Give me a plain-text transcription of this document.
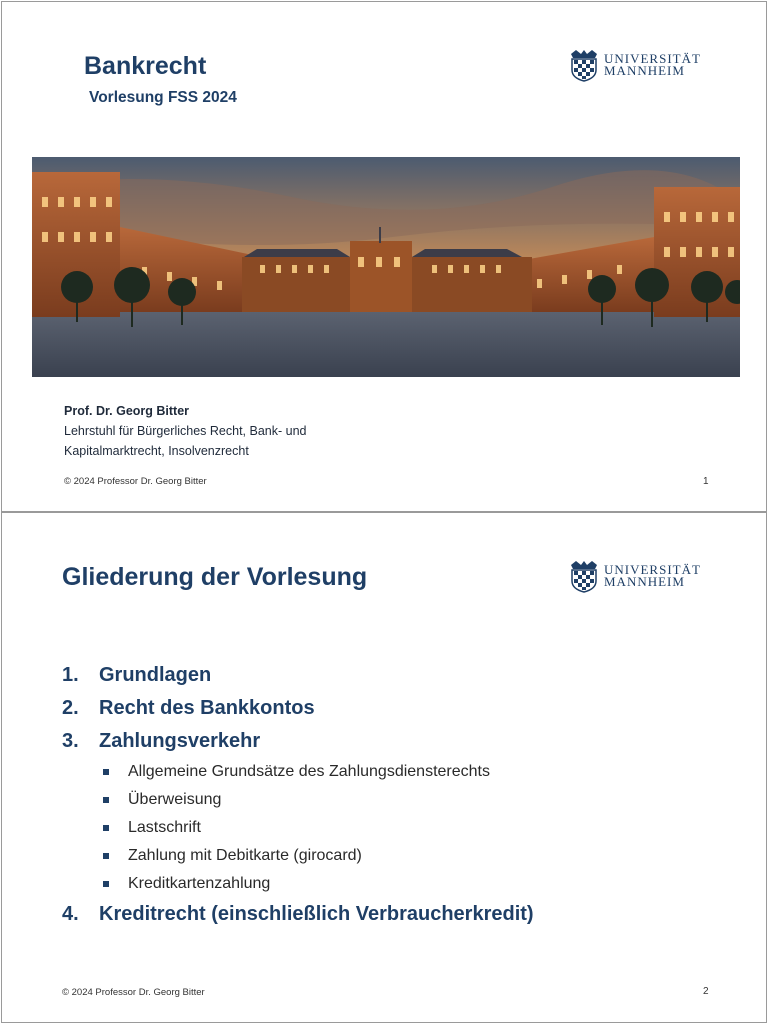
Bankrecht
Vorlesung FSS 2024
UNIVERSITÄT
MANNHEIM
Prof. Dr. Georg Bitter
Lehrstuhl für Bürgerliches Recht, Bank- und
Kapitalmarktrecht, Insolvenzrecht
© 2024 Professor Dr. Georg Bitter	1
Gliederung der Vorlesung	UNIVERSITÄT
MANNHEIM
1.	Grundlagen
2.	Recht des Bankkontos
3.	Zahlungsverkehr
Allgemeine Grundsätze des Zahlungsdiensterechts
Überweisung
Lastschrift
Zahlung mit Debitkarte (girocard)
Kreditkartenzahlung
4.	Kreditrecht (einschließlich Verbraucherkredit)
© 2024 Professor Dr. Georg Bitter	2
